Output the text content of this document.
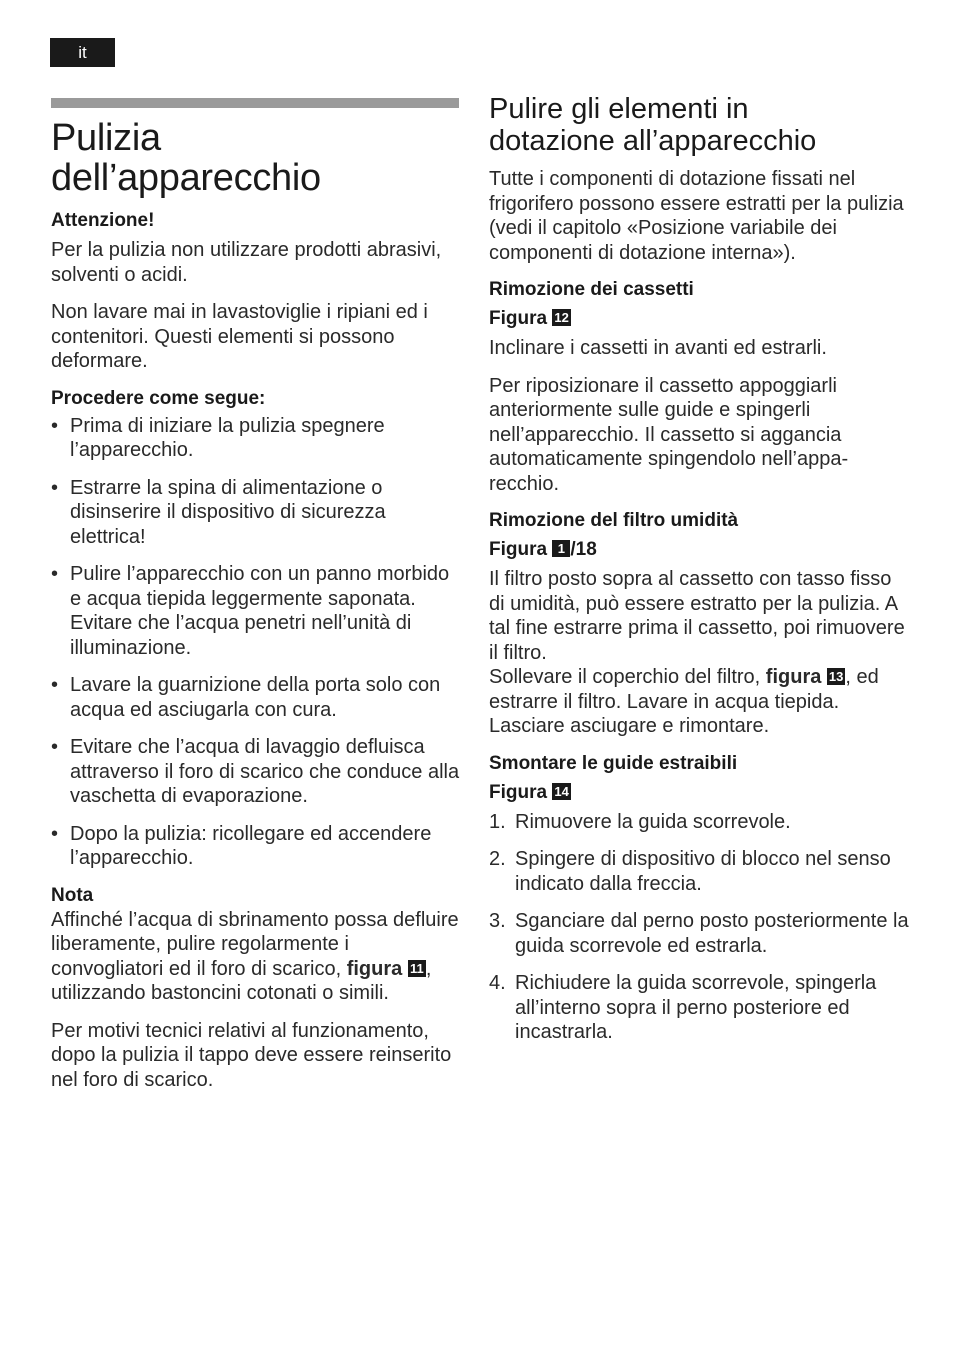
it
Pulizia
dell’apparecchio
Attenzione!

Per la pulizia non utilizzare prodotti abrasivi, solventi o acidi.

Non lavare mai in lavastoviglie i ripiani ed i contenitori. Questi elementi si possono deformare.

Procedere come segue:
• Prima di iniziare la pulizia spegnere l’apparecchio.
• Estrarre la spina di alimentazione o disinserire il dispositivo di sicurezza elettrica!
• Pulire l’apparecchio con un panno morbido e acqua tiepida leggermente saponata. Evitare che l’acqua penetri nell’unità di illuminazione.
• Lavare la guarnizione della porta solo con acqua ed asciugarla con cura.
• Evitare che l’acqua di lavaggio defluisca attraverso il foro di scarico che conduce alla vaschetta di evaporazione.
• Dopo la pulizia: ricollegare ed accendere l’apparecchio.
Nota

Affinché l’acqua di sbrinamento possa defluire liberamente, pulire regolarmente i convogliatori ed il foro di scarico, figura 11 , utilizzando bastoncini cotonati o simili.

Per motivi tecnici relativi al funzionamento, dopo la pulizia il tappo deve essere reinserito nel foro di scarico.

Pulire gli elementi in
dotazione all’apparecchio

Tutte i componenti di dotazione fissati nel frigorifero possono essere estratti per la pulizia (vedi il capitolo «Posizione variabile dei componenti di dotazione interna»).

Rimozione dei cassetti
Figura 12

Inclinare i cassetti in avanti ed estrarli.

Per riposizionare il cassetto appoggiarli anteriormente sulle guide e spingerli nell’apparecchio. Il cassetto si aggancia automaticamente spingendolo nell’apparecchio.

Rimozione del filtro umidità
Figura 1 /18

Il filtro posto sopra al cassetto con tasso fisso di umidità, può essere estratto per la pulizia. A tal fine estrarre prima il cassetto, poi rimuovere il filtro.

Sollevare il coperchio del filtro, figura 13 , ed estrarre il filtro. Lavare in acqua tiepida. Lasciare asciugare e rimontare.

Smontare le guide estraibili
Figura 14
1. Rimuovere la guida scorrevole.
2. Spingere di dispositivo di blocco nel senso indicato dalla freccia.
3. Sganciare dal perno posto posteriormente la guida scorrevole ed estrarla.
4. Richiudere la guida scorrevole, spingerla all’interno sopra il perno posteriore ed incastrarla.
